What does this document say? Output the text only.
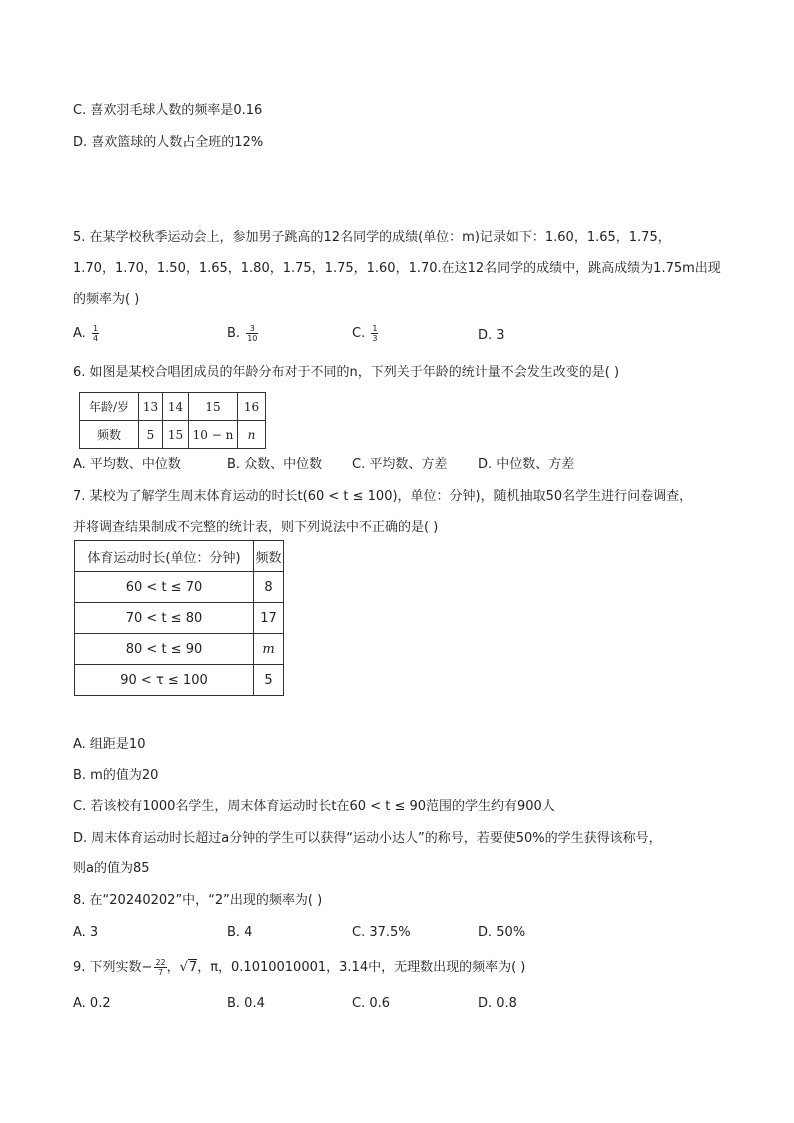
C. 喜欢羽毛球人数的频率是0.16
D. 喜欢篮球的人数占全班的12%
5. 在某学校秋季运动会上，参加男子跳高的12名同学的成绩(单位：m)记录如下：1.60，1.65，1.75，
1.70，1.70，1.50，1.65，1.80，1.75，1.75，1.60，1.70.在这12名同学的成绩中，跳高成绩为1.75m出现
的频率为( )
A. $\frac{1}{4}$	B. $\frac{3}{10}$	C. $\frac{1}{3}$	D. 3
6. 如图是某校合唱团成员的年龄分布对于不同的n，下列关于年龄的统计量不会发生改变的是( )
年龄/岁	13	14	15	16
频数	5	15	10 − n	n
A. 平均数、中位数	B. 众数、中位数 C. 平均数、方差 D. 中位数、方差
7. 某校为了解学生周末体育运动的时长t(60 < t ≤ 100)，单位：分钟)，随机抽取50名学生进行问卷调查，
并将调查结果制成不完整的统计表，则下列说法中不正确的是( )
体育运动时长(单位：分钟)	频数
60 < t ≤ 70	8
70 < t ≤ 80	17
80 < t ≤ 90	m
90 < τ ≤ 100	5
A. 组距是10
B. m的值为20
C. 若该校有1000名学生，周末体育运动时长t在60 < t ≤ 90范围的学生约有900人
D. 周末体育运动时长超过a分钟的学生可以获得“运动小达人”的称号，若要使50%的学生获得该称号，
则a的值为85
8. 在“20240202”中，“2”出现的频率为( )
A. 3	B. 4	C. 37.5%	D. 50%
9. 下列实数− $\frac{22}{7}$ ，√7，π，0.1010010001，3.14中，无理数出现的频率为( )
A. 0.2	B. 0.4	C. 0.6	D. 0.8
